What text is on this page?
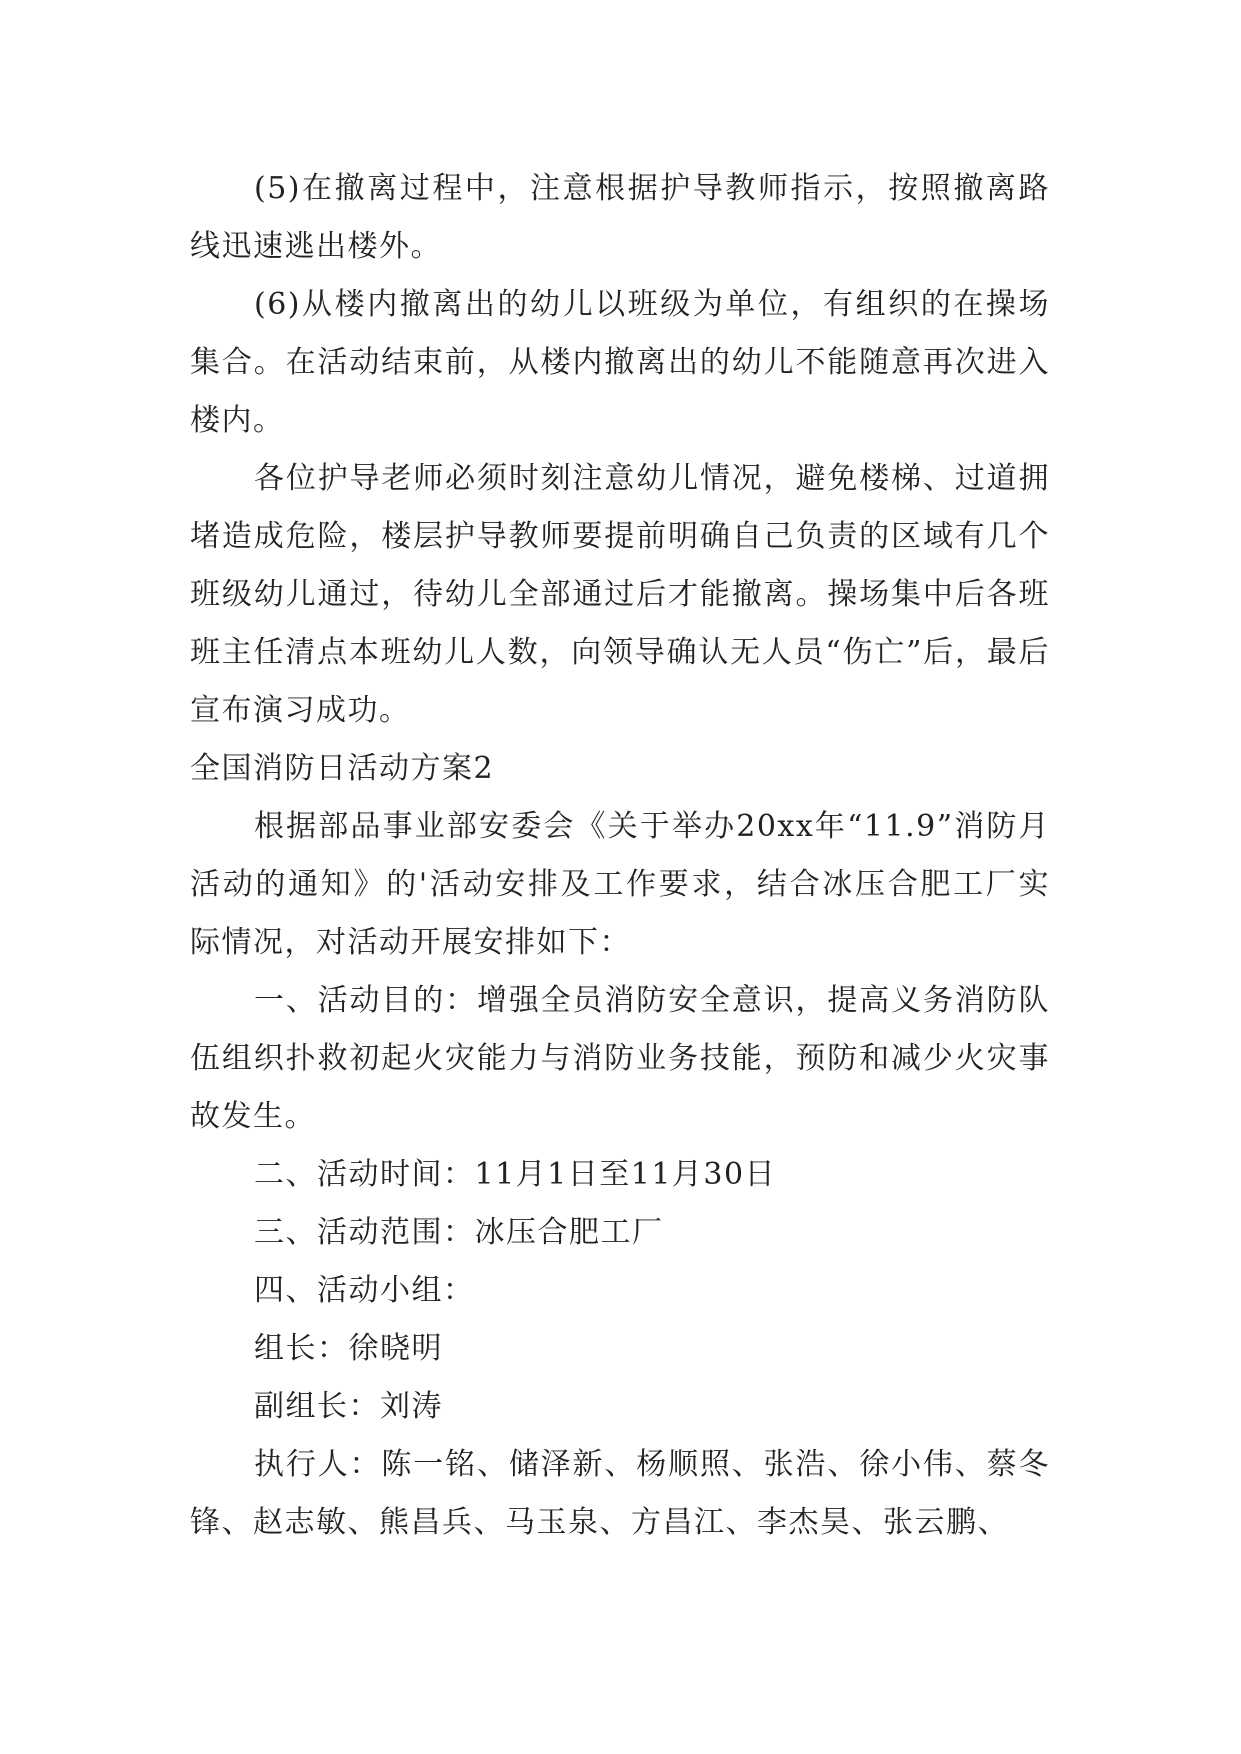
(5)在撤离过程中，注意根据护导教师指示，按照撤离路线迅速逃出楼外。

(6)从楼内撤离出的幼儿以班级为单位，有组织的在操场集合。在活动结束前，从楼内撤离出的幼儿不能随意再次进入楼内。

各位护导老师必须时刻注意幼儿情况，避免楼梯、过道拥堵造成危险，楼层护导教师要提前明确自己负责的区域有几个班级幼儿通过，待幼儿全部通过后才能撤离。操场集中后各班班主任清点本班幼儿人数，向领导确认无人员“伤亡”后，最后宣布演习成功。

全国消防日活动方案2

根据部品事业部安委会《关于举办20xx年“11.9”消防月活动的通知》的'活动安排及工作要求，结合冰压合肥工厂实际情况，对活动开展安排如下：

一、活动目的：增强全员消防安全意识，提高义务消防队伍组织扑救初起火灾能力与消防业务技能，预防和减少火灾事故发生。

二、活动时间：11月1日至11月30日

三、活动范围：冰压合肥工厂

四、活动小组：

组长：徐晓明

副组长：刘涛

执行人：陈一铭、储泽新、杨顺照、张浩、徐小伟、蔡冬锋、赵志敏、熊昌兵、马玉泉、方昌江、李杰昊、张云鹏、
